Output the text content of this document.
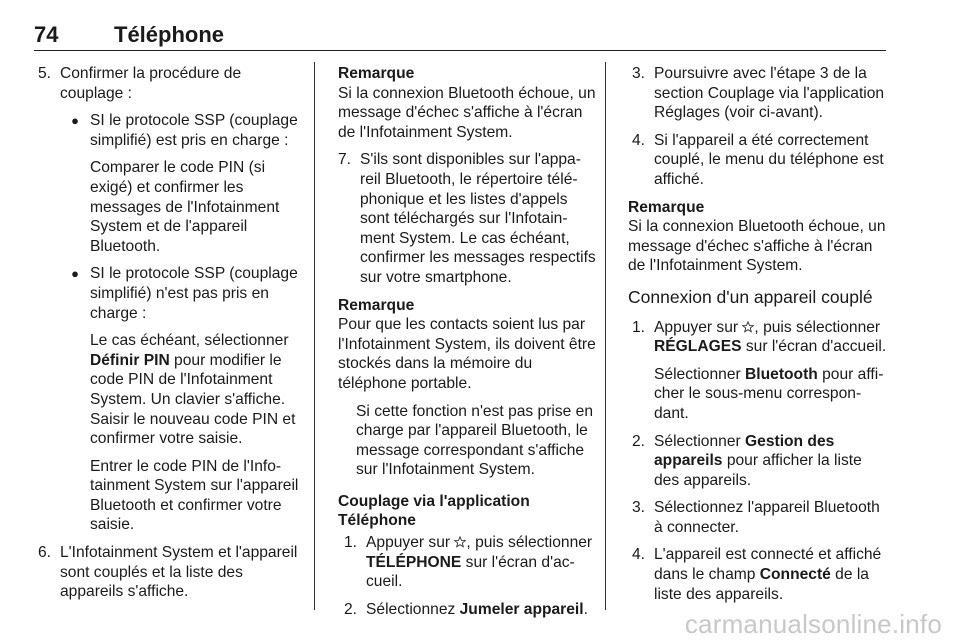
74	Téléphone
5. Confirmer la procédure de couplage :

● SI le protocole SSP (couplage simplifié) est pris en charge :

Comparer le code PIN (si exigé) et confirmer les messages de l'Infotainment System et de l'appareil Bluetooth.

● SI le protocole SSP (couplage simplifié) n'est pas pris en charge :

Le cas échéant, sélectionner Définir PIN pour modifier le code PIN de l'Infotainment System. Un clavier s'affiche. Saisir le nouveau code PIN et confirmer votre saisie.

Entrer le code PIN de l'Infotainment System sur l'appareil Bluetooth et confirmer votre saisie.

6. L'Infotainment System et l'appareil sont couplés et la liste des appareils s'affiche.

Remarque

Si la connexion Bluetooth échoue, un message d'échec s'affiche à l'écran de l'Infotainment System.

7. S'ils sont disponibles sur l'appareil Bluetooth, le répertoire téléphonique et les listes d'appels sont téléchargés sur l'Infotainment System. Le cas échéant, confirmer les messages respectifs sur votre smartphone.

Remarque

Pour que les contacts soient lus par l'Infotainment System, ils doivent être stockés dans la mémoire du téléphone portable.

Si cette fonction n'est pas prise en charge par l'appareil Bluetooth, le message correspondant s'affiche sur l'Infotainment System.

Couplage via l'application Téléphone

1. Appuyer sur , puis sélectionner TÉLÉPHONE sur l'écran d'accueil.

2. Sélectionnez Jumeler appareil.

3. Poursuivre avec l'étape 3 de la section Couplage via l'application Réglages (voir ci-avant).

4. Si l'appareil a été correctement couplé, le menu du téléphone est affiché.

Remarque

Si la connexion Bluetooth échoue, un message d'échec s'affiche à l'écran de l'Infotainment System.

Connexion d'un appareil couplé

1. Appuyer sur , puis sélectionner RÉGLAGES sur l'écran d'accueil.

Sélectionner Bluetooth pour afficher le sous-menu correspondant.

2. Sélectionner Gestion des appareils pour afficher la liste des appareils.

3. Sélectionnez l'appareil Bluetooth à connecter.

4. L'appareil est connecté et affiché dans le champ Connecté de la liste des appareils.

carmanualsonline.info
